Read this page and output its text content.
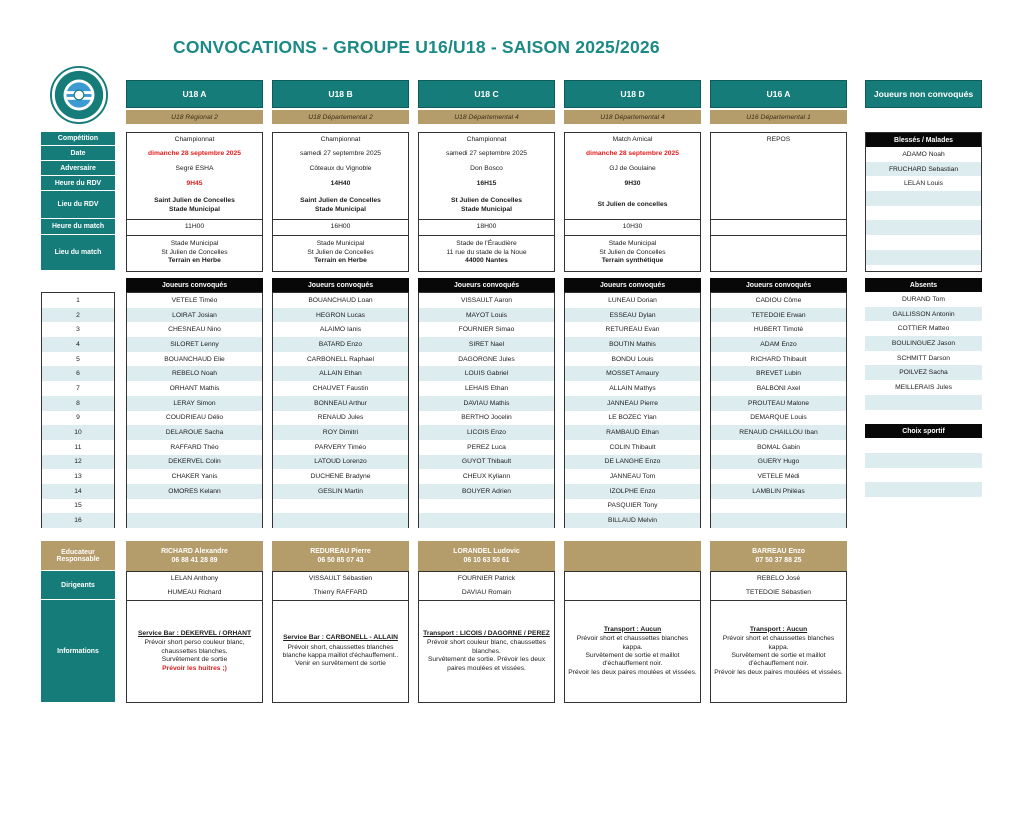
CONVOCATIONS - GROUPE U16/U18 - SAISON 2025/2026
U18 A
U18 Régional 2
Championnat
dimanche 28 septembre 2025
Segré ESHA
9H45
Saint Julien de Concelles
Stade Municipal
11H00
Stade Municipal
St Julien de Concelles
Terrain en Herbe
Joueurs convoqués
VETELE Timéo
LOIRAT Josian
CHESNEAU Nino
SILORET Lenny
BOUANCHAUD Elie
REBELO Noah
ORHANT Mathis
LERAY Simon
COUDRIEAU Délio
DELAROUE Sacha
RAFFARD Théo
DEKERVEL Colin
CHAKER Yanis
OMORES Kelann
RICHARD Alexandre
06 88 41 28 89
LELAN Anthony
HUMEAU Richard
Service Bar : DEKERVEL / ORHANT
Prévoir short perso couleur blanc, chaussettes blanches.
Survêtement de sortie
Prévoir les huitres ;)
U18 B
U18 Départemental 2
Championnat
samedi 27 septembre 2025
Côteaux du Vignoble
14H40
Saint Julien de Concelles
Stade Municipal
16H00
Stade Municipal
St Julien de Concelles
Terrain en Herbe
Joueurs convoqués
BOUANCHAUD Loan
HEGRON Lucas
ALAIMO Ianis
BATARD Enzo
CARBONELL Raphael
ALLAIN Ethan
CHAUVET Faustin
BONNEAU Arthur
RENAUD Jules
ROY Dimitri
PARVERY Timéo
LATOUD Lorenzo
DUCHENE Bradyne
GESLIN Martin
REDUREAU Pierre
06 50 85 07 43
VISSAULT Sébastien
Thierry RAFFARD
Service Bar : CARBONELL - ALLAIN
Prévoir short, chaussettes blanches blanche kappa maillot d'échauffement..
Venir en survêtement de sortie
U18 C
U18 Départemental 4
Championnat
samedi 27 septembre 2025
Don Bosco
16H15
St Julien de Concelles
Stade Municipal
18H00
Stade de l'Éraudière
11 rue du stade de la Noue
44000 Nantes
Joueurs convoqués
VISSAULT Aaron
MAYOT Louis
FOURNIER Simao
SIRET Nael
DAGORGNE Jules
LOUIS Gabriel
LEHAIS Ethan
DAVIAU Mathis
BERTHO Jocelin
LICOIS Enzo
PEREZ Luca
GUYOT Thibault
CHEUX Kyliann
BOUYER Adrien
LORANDEL Ludovic
06 10 63 50 61
FOURNIER Patrick
DAVIAU Romain
Transport : LICOIS / DAGORNE / PEREZ
Prévoir short couleur blanc, chaussettes blanches.
Survêtement de sortie. Prévoir les deux paires moulées et vissées.
U18 D
U18 Départemental 4
Match Amical
dimanche 28 septembre 2025
GJ de Goulaine
9H30
St Julien de concelles
10H30
Stade Municipal
St Julien de Concelles
Terrain synthétique
Joueurs convoqués
LUNEAU Dorian
ESSEAU Dylan
RETUREAU Evan
BOUTIN Mathis
BONDU Louis
MOSSET Amaury
ALLAIN Mathys
JANNEAU Pierre
LE BOZEC Ylan
RAMBAUD Ethan
COLIN Thibault
DE LANGHE Enzo
JANNEAU Tom
IZOLPHE Enzo
PASQUIER Tony
BILLAUD Melvin
Transport : Aucun
Prévoir short et chaussettes blanches kappa.
Survêtement de sortie et maillot d'échauffement noir.
Prévoir les deux paires moulées et vissées.
U16 A
U16 Départemental 1
REPOS
Joueurs convoqués
CADIOU Côme
TETEDOIE Erwan
HUBERT Timoté
ADAM Enzo
RICHARD Thibault
BREVET Lubin
BALBONI Axel
PROUTEAU Malone
DEMARQUE Louis
RENAUD CHAILLOU Iban
BOMAL Gabin
GUERY Hugo
VETELE Médi
LAMBLIN Philéas
BARREAU Enzo
07 50 37 88 25
REBELO José
TETEDOIE Sébastien
Transport : Aucun
Prévoir short et chaussettes blanches kappa.
Survêtement de sortie et maillot d'échauffement noir.
Prévoir les deux paires moulées et vissées.
Compétition
Date
Adversaire
Heure du RDV
Lieu du RDV
Heure du match
Lieu du match
1
2
3
4
5
6
7
8
9
10
11
12
13
14
15
16
Educateur Responsable
Dirigeants
Informations
Joueurs non convoqués
Blessés / Malades
ADAMO Noah
FRUCHARD Sebastian
LELAN Louis
Absents
DURAND Tom
GALLISSON Antonin
COTTIER Matteo
BOULINGUEZ Jason
SCHMITT Darson
POILVEZ Sacha
MEILLERAIS Jules
Choix sportif
